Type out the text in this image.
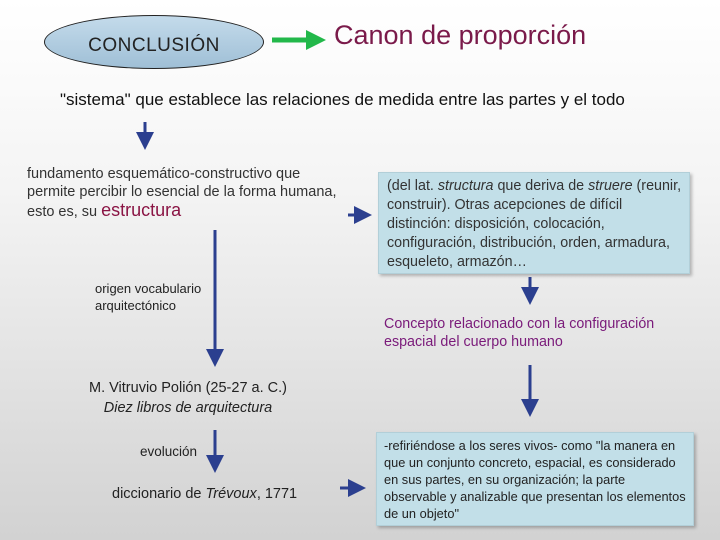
CONCLUSIÓN	Canon de proporción
"sistema" que establece las relaciones de medida entre las partes y el todo
fundamento esquemático-constructivo que permite percibir lo esencial de la forma humana, esto es, su estructura
(del lat. structura que deriva de struere (reunir, construir). Otras acepciones de difícil distinción: disposición, colocación, configuración, distribución, orden, armadura, esqueleto, armazón…
origen vocabulario
arquitectónico
Concepto relacionado con la configuración
espacial del cuerpo humano
M. Vitruvio Polión (25-27 a. C.)
Diez libros de arquitectura
evolución
diccionario de Trévoux, 1771
-refiriéndose a los seres vivos- como "la manera en que un conjunto concreto, espacial, es considerado en sus partes, en su organización; la parte observable y analizable que presentan los elementos de un objeto"
